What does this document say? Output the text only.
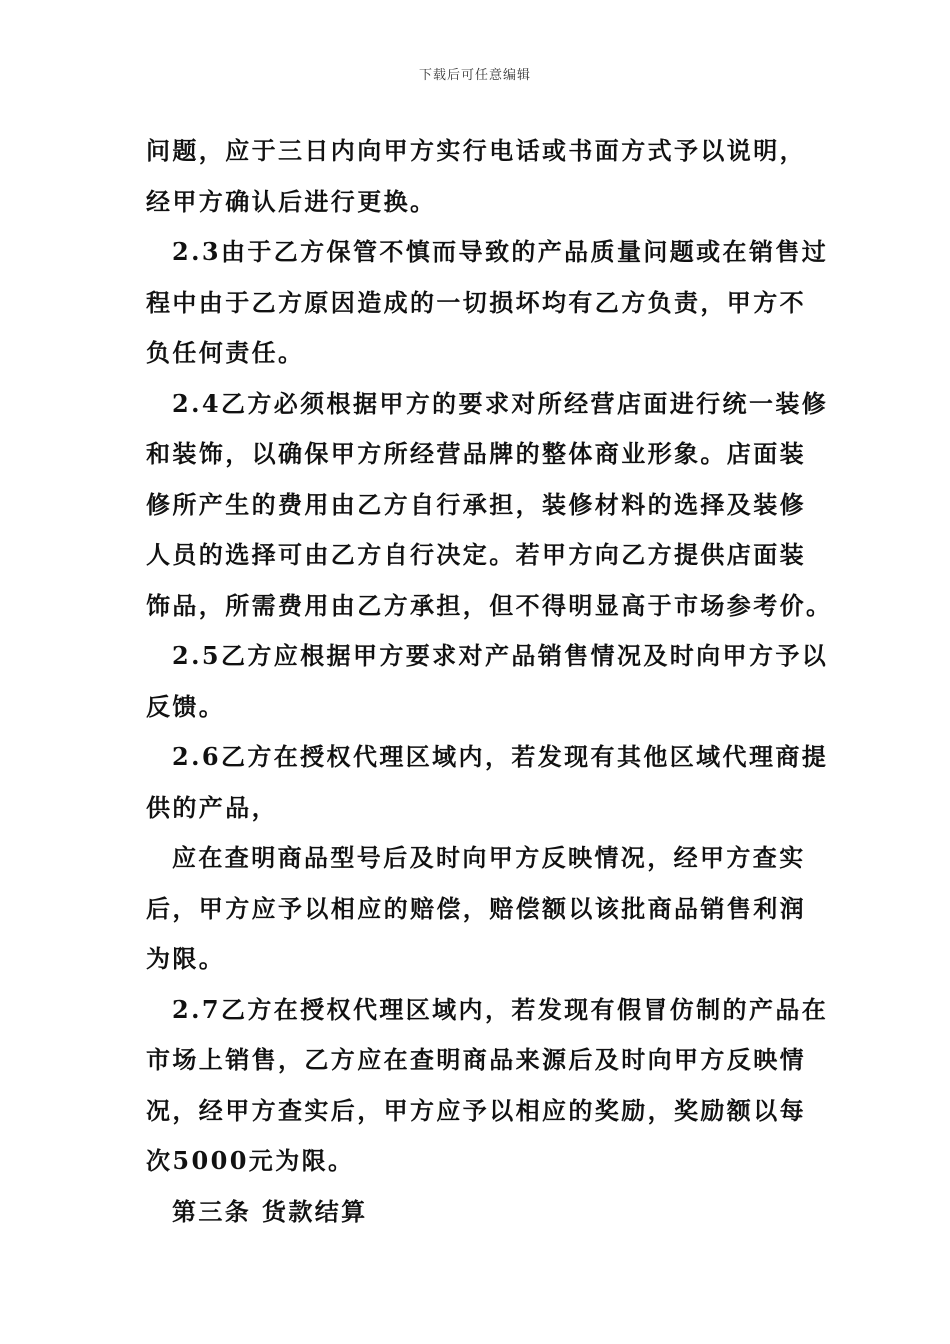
下载后可任意编辑
问题，应于三日内向甲方实行电话或书面方式予以说明，
经甲方确认后进行更换。
2.3由于乙方保管不慎而导致的产品质量问题或在销售过
程中由于乙方原因造成的一切损坏均有乙方负责，甲方不
负任何责任。
2.4乙方必须根据甲方的要求对所经营店面进行统一装修
和装饰，以确保甲方所经营品牌的整体商业形象。店面装
修所产生的费用由乙方自行承担，装修材料的选择及装修
人员的选择可由乙方自行决定。若甲方向乙方提供店面装
饰品，所需费用由乙方承担，但不得明显高于市场参考价。
2.5乙方应根据甲方要求对产品销售情况及时向甲方予以
反馈。
2.6乙方在授权代理区域内，若发现有其他区域代理商提
供的产品，
应在查明商品型号后及时向甲方反映情况，经甲方查实
后，甲方应予以相应的赔偿，赔偿额以该批商品销售利润
为限。
2.7乙方在授权代理区域内，若发现有假冒仿制的产品在
市场上销售，乙方应在查明商品来源后及时向甲方反映情
况，经甲方查实后，甲方应予以相应的奖励，奖励额以每
次5000元为限。
第三条 货款结算
